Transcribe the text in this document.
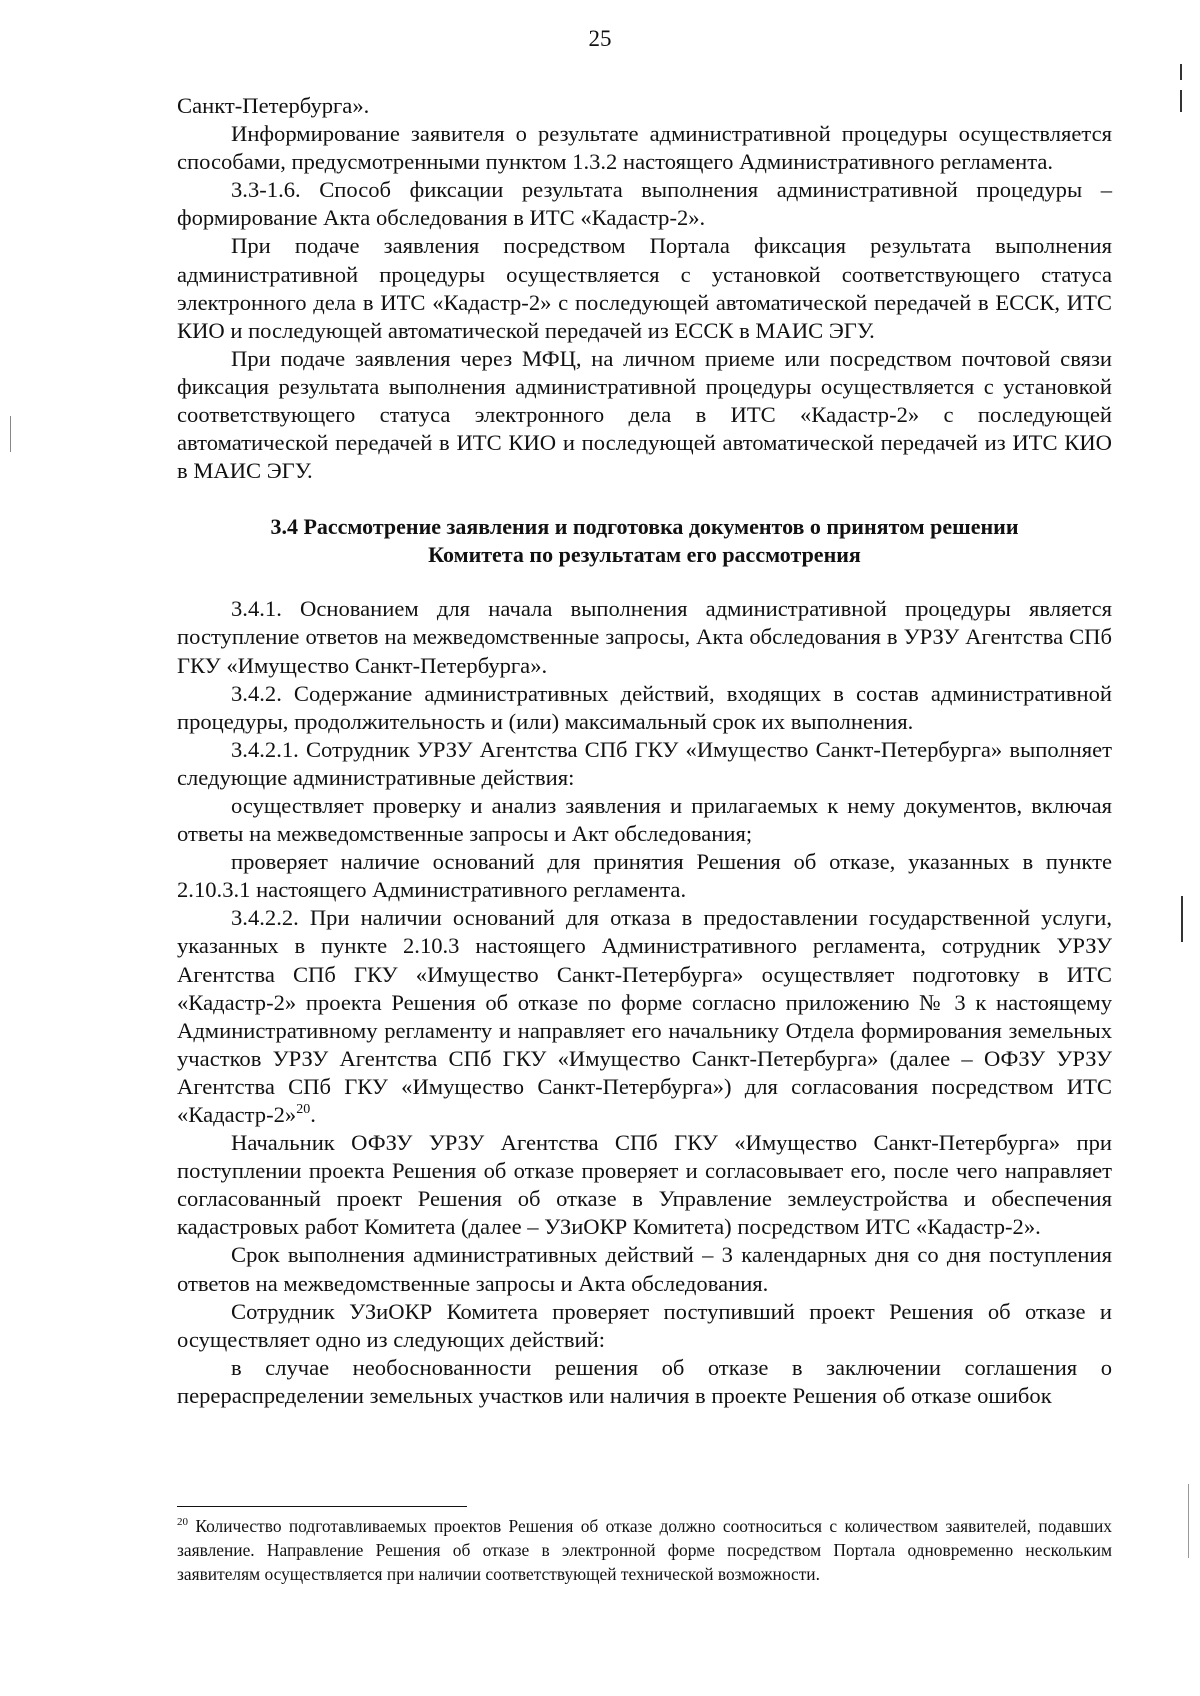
25

Санкт-Петербурга».

Информирование заявителя о результате административной процедуры осуществляется способами, предусмотренными пунктом 1.3.2 настоящего Административного регламента.

3.3-1.6. Способ фиксации результата выполнения административной процедуры – формирование Акта обследования в ИТС «Кадастр-2».

При подаче заявления посредством Портала фиксация результата выполнения административной процедуры осуществляется с установкой соответствующего статуса электронного дела в ИТС «Кадастр-2» с последующей автоматической передачей в ЕССК, ИТС КИО и последующей автоматической передачей из ЕССК в МАИС ЭГУ.

При подаче заявления через МФЦ, на личном приеме или посредством почтовой связи фиксация результата выполнения административной процедуры осуществляется с установкой соответствующего статуса электронного дела в ИТС «Кадастр-2» с последующей автоматической передачей в ИТС КИО и последующей автоматической передачей из ИТС КИО в МАИС ЭГУ.

3.4 Рассмотрение заявления и подготовка документов о принятом решении
Комитета по результатам его рассмотрения

3.4.1. Основанием для начала выполнения административной процедуры является поступление ответов на межведомственные запросы, Акта обследования в УРЗУ Агентства СПб ГКУ «Имущество Санкт-Петербурга».

3.4.2. Содержание административных действий, входящих в состав административной процедуры, продолжительность и (или) максимальный срок их выполнения.

3.4.2.1. Сотрудник УРЗУ Агентства СПб ГКУ «Имущество Санкт-Петербурга» выполняет следующие административные действия:

осуществляет проверку и анализ заявления и прилагаемых к нему документов, включая ответы на межведомственные запросы и Акт обследования;

проверяет наличие оснований для принятия Решения об отказе, указанных в пункте 2.10.3.1 настоящего Административного регламента.

3.4.2.2. При наличии оснований для отказа в предоставлении государственной услуги, указанных в пункте 2.10.3 настоящего Административного регламента, сотрудник УРЗУ Агентства СПб ГКУ «Имущество Санкт-Петербурга» осуществляет подготовку в ИТС «Кадастр-2» проекта Решения об отказе по форме согласно приложению № 3 к настоящему Административному регламенту и направляет его начальнику Отдела формирования земельных участков УРЗУ Агентства СПб ГКУ «Имущество Санкт-Петербурга» (далее – ОФЗУ УРЗУ Агентства СПб ГКУ «Имущество Санкт-Петербурга») для согласования посредством ИТС «Кадастр-2»$^{20}$.

Начальник ОФЗУ УРЗУ Агентства СПб ГКУ «Имущество Санкт-Петербурга» при поступлении проекта Решения об отказе проверяет и согласовывает его, после чего направляет согласованный проект Решения об отказе в Управление землеустройства и обеспечения кадастровых работ Комитета (далее – УЗиОКР Комитета) посредством ИТС «Кадастр-2».

Срок выполнения административных действий – 3 календарных дня со дня поступления ответов на межведомственные запросы и Акта обследования.

Сотрудник УЗиОКР Комитета проверяет поступивший проект Решения об отказе и осуществляет одно из следующих действий:

в случае необоснованности решения об отказе в заключении соглашения о перераспределении земельных участков или наличия в проекте Решения об отказе ошибок

$^{20}$ Количество подготавливаемых проектов Решения об отказе должно соотноситься с количеством заявителей, подавших заявление. Направление Решения об отказе в электронной форме посредством Портала одновременно нескольким заявителям осуществляется при наличии соответствующей технической возможности.
